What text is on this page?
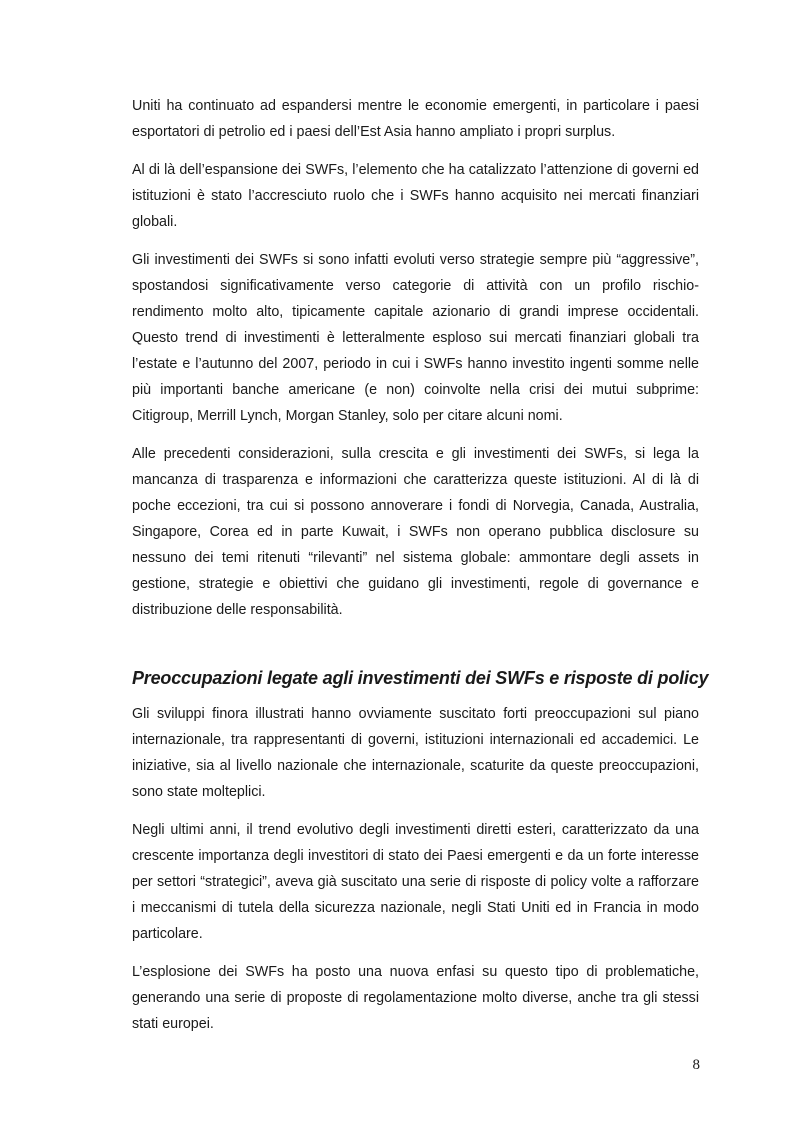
Uniti ha continuato ad espandersi mentre le economie emergenti, in particolare i paesi esportatori di petrolio ed i paesi dell’Est Asia hanno ampliato i propri surplus.

Al di là dell’espansione dei SWFs, l’elemento che ha catalizzato l’attenzione di governi ed istituzioni è stato l’accresciuto ruolo che i SWFs hanno acquisito nei mercati finanziari globali.

Gli investimenti dei SWFs si sono infatti evoluti verso strategie sempre più “aggressive”, spostandosi significativamente verso categorie di attività con un profilo rischio-rendimento molto alto, tipicamente capitale azionario di grandi imprese occidentali. Questo trend di investimenti è letteralmente esploso sui mercati finanziari globali tra l’estate e l’autunno del 2007, periodo in cui i SWFs hanno investito ingenti somme nelle più importanti banche americane (e non) coinvolte nella crisi dei mutui subprime: Citigroup, Merrill Lynch, Morgan Stanley, solo per citare alcuni nomi.

Alle precedenti considerazioni, sulla crescita e gli investimenti dei SWFs, si lega la mancanza di trasparenza e informazioni che caratterizza queste istituzioni. Al di là di poche eccezioni, tra cui si possono annoverare i fondi di Norvegia, Canada, Australia, Singapore, Corea ed in parte Kuwait, i SWFs non operano pubblica disclosure su nessuno dei temi ritenuti “rilevanti” nel sistema globale: ammontare degli assets in gestione, strategie e obiettivi che guidano gli investimenti, regole di governance e distribuzione delle responsabilità.

Preoccupazioni legate agli investimenti dei SWFs e risposte di policy

Gli sviluppi finora illustrati hanno ovviamente suscitato forti preoccupazioni sul piano internazionale, tra rappresentanti di governi, istituzioni internazionali ed accademici. Le iniziative, sia al livello nazionale che internazionale, scaturite da queste preoccupazioni, sono state molteplici.

Negli ultimi anni, il trend evolutivo degli investimenti diretti esteri, caratterizzato da una crescente importanza degli investitori di stato dei Paesi emergenti e da un forte interesse per settori “strategici”, aveva già suscitato una serie di risposte di policy volte a rafforzare i meccanismi di tutela della sicurezza nazionale, negli Stati Uniti ed in Francia in modo particolare.

L’esplosione dei SWFs ha posto una nuova enfasi su questo tipo di problematiche, generando una serie di proposte di regolamentazione molto diverse, anche tra gli stessi stati europei.

8
